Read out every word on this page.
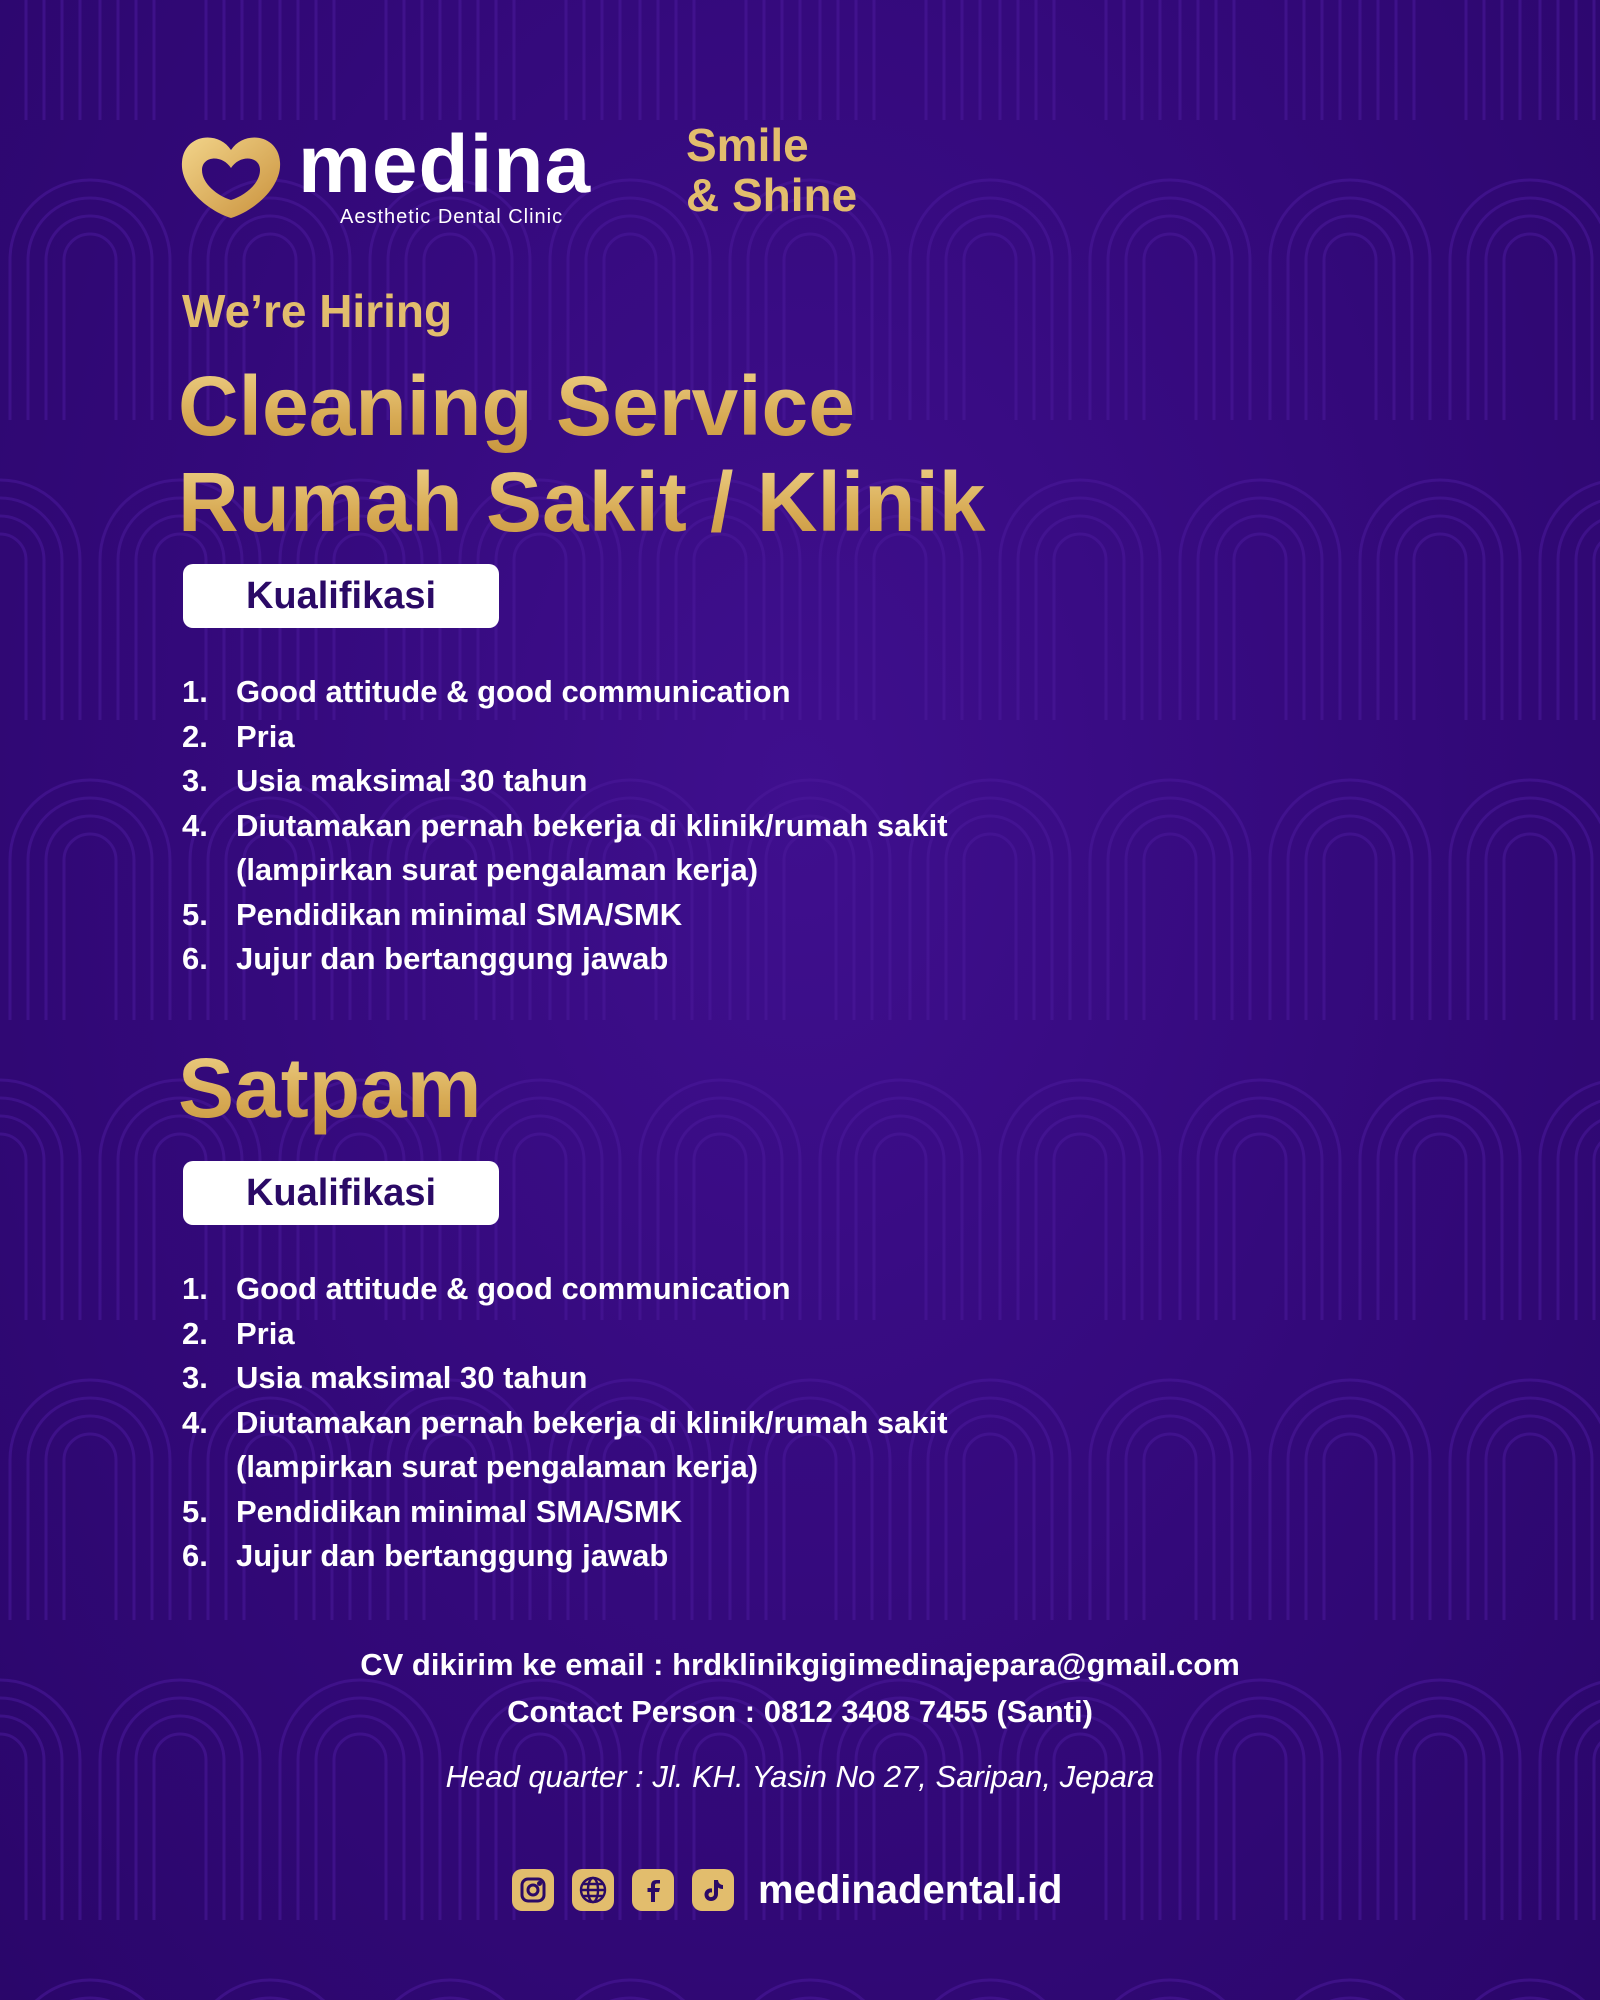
medina
Aesthetic Dental Clinic
Smile
& Shine
We’re Hiring
Cleaning Service
Rumah Sakit / Klinik
Kualifikasi
1. Good attitude & good communication
2. Pria
3. Usia maksimal 30 tahun
4. Diutamakan pernah bekerja di klinik/rumah sakit
(lampirkan surat pengalaman kerja)
5. Pendidikan minimal SMA/SMK
6. Jujur dan bertanggung jawab
Satpam
Kualifikasi
1. Good attitude & good communication
2. Pria
3. Usia maksimal 30 tahun
4. Diutamakan pernah bekerja di klinik/rumah sakit
(lampirkan surat pengalaman kerja)
5. Pendidikan minimal SMA/SMK
6. Jujur dan bertanggung jawab
CV dikirim ke email : hrdklinikgigimedinajepara@gmail.com
Contact Person : 0812 3408 7455 (Santi)
Head quarter : Jl. KH. Yasin No 27, Saripan, Jepara
medinadental.id
